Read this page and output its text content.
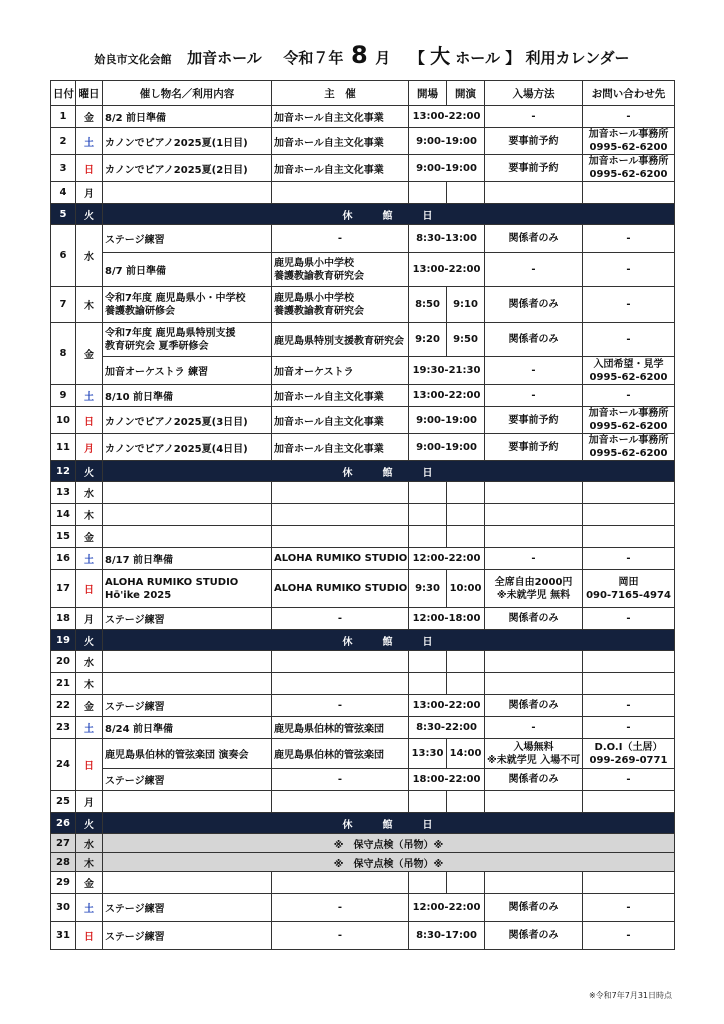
姶良市文化会館 加音ホール 令和７年 8 月 【 大 ホール 】 利用カレンダー
日付	曜日	催し物名／利用内容	主　催	開場	開演	入場方法	お問い合わせ先
1	金	8/2 前日準備	加音ホール自主文化事業	13:00-22:00		-	-
2	土	カノンでピアノ2025夏(1日目)	加音ホール自主文化事業	9:00-19:00		要事前予約	加音ホール事務所
0995-62-6200

3	日	カノンでピアノ2025夏(2日目)	加音ホール自主文化事業	9:00-19:00		要事前予約	加音ホール事務所
0995-62-6200

4	月						
5	火	休 館 日					
6	水	ステージ練習	-	8:30-13:00		関係者のみ	-
		8/7 前日準備	鹿児島県小中学校
養護教諭教育研究会	13:00-22:00		-	-
7	木	令和7年度 鹿児島県小・中学校
養護教諭研修会	鹿児島県小中学校
養護教諭教育研究会	8:50	9:10	関係者のみ	-
8	金	令和7年度 鹿児島県特別支援
教育研究会 夏季研修会	鹿児島県特別支援教育研究会	9:20	9:50	関係者のみ	-
		加音オーケストラ 練習	加音オーケストラ	19:30-21:30		-	入団希望・見学
0995-62-6200

9	土	8/10 前日準備	加音ホール自主文化事業	13:00-22:00		-	-
10	日	カノンでピアノ2025夏(3日目)	加音ホール自主文化事業	9:00-19:00		要事前予約	加音ホール事務所
0995-62-6200

11	月	カノンでピアノ2025夏(4日目)	加音ホール自主文化事業	9:00-19:00		要事前予約	加音ホール事務所
0995-62-6200

12	火	休 館 日					
13	水						
14	木						
15	金						
16	土	8/17 前日準備	ALOHA RUMIKO STUDIO	12:00-22:00		-	-
17	日	ALOHA RUMIKO STUDIO
Hō'ike 2025	ALOHA RUMIKO STUDIO	9:30	10:00	全席自由2000円
※未就学児 無料	岡田
090-7165-4974

18	月	ステージ練習	-	12:00-18:00		関係者のみ	-
19	火	休 館 日					
20	水						
21	木						
22	金	ステージ練習	-	13:00-22:00		関係者のみ	-
23	土	8/24 前日準備	鹿児島県伯林的管弦楽団	8:30-22:00		-	-
24	日	鹿児島県伯林的管弦楽団 演奏会	鹿児島県伯林的管弦楽団	13:30	14:00	入場無料
※未就学児 入場不可	D.O.I（土居）
099-269-0771

		ステージ練習	-	18:00-22:00		関係者のみ	-
25	月						
26	火	休 館 日					
27	水	※　保守点検（吊物）※					
28	木	※　保守点検（吊物）※					
29	金						
30	土	ステージ練習	-	12:00-22:00		関係者のみ	-
31	日	ステージ練習	-	8:30-17:00		関係者のみ	-
※令和7年7月31日時点
